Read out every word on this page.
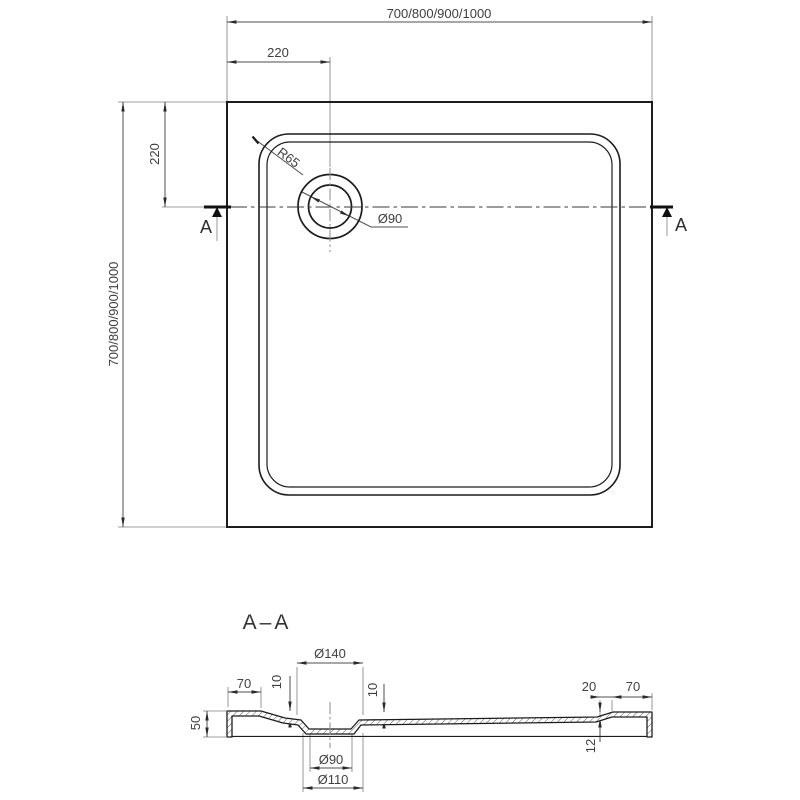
700/800/900/1000
220
700/800/900/1000
220	R65
Ø90
A	A
A–A
Ø140
70 10
10
50
Ø90
Ø110
20 70
12
